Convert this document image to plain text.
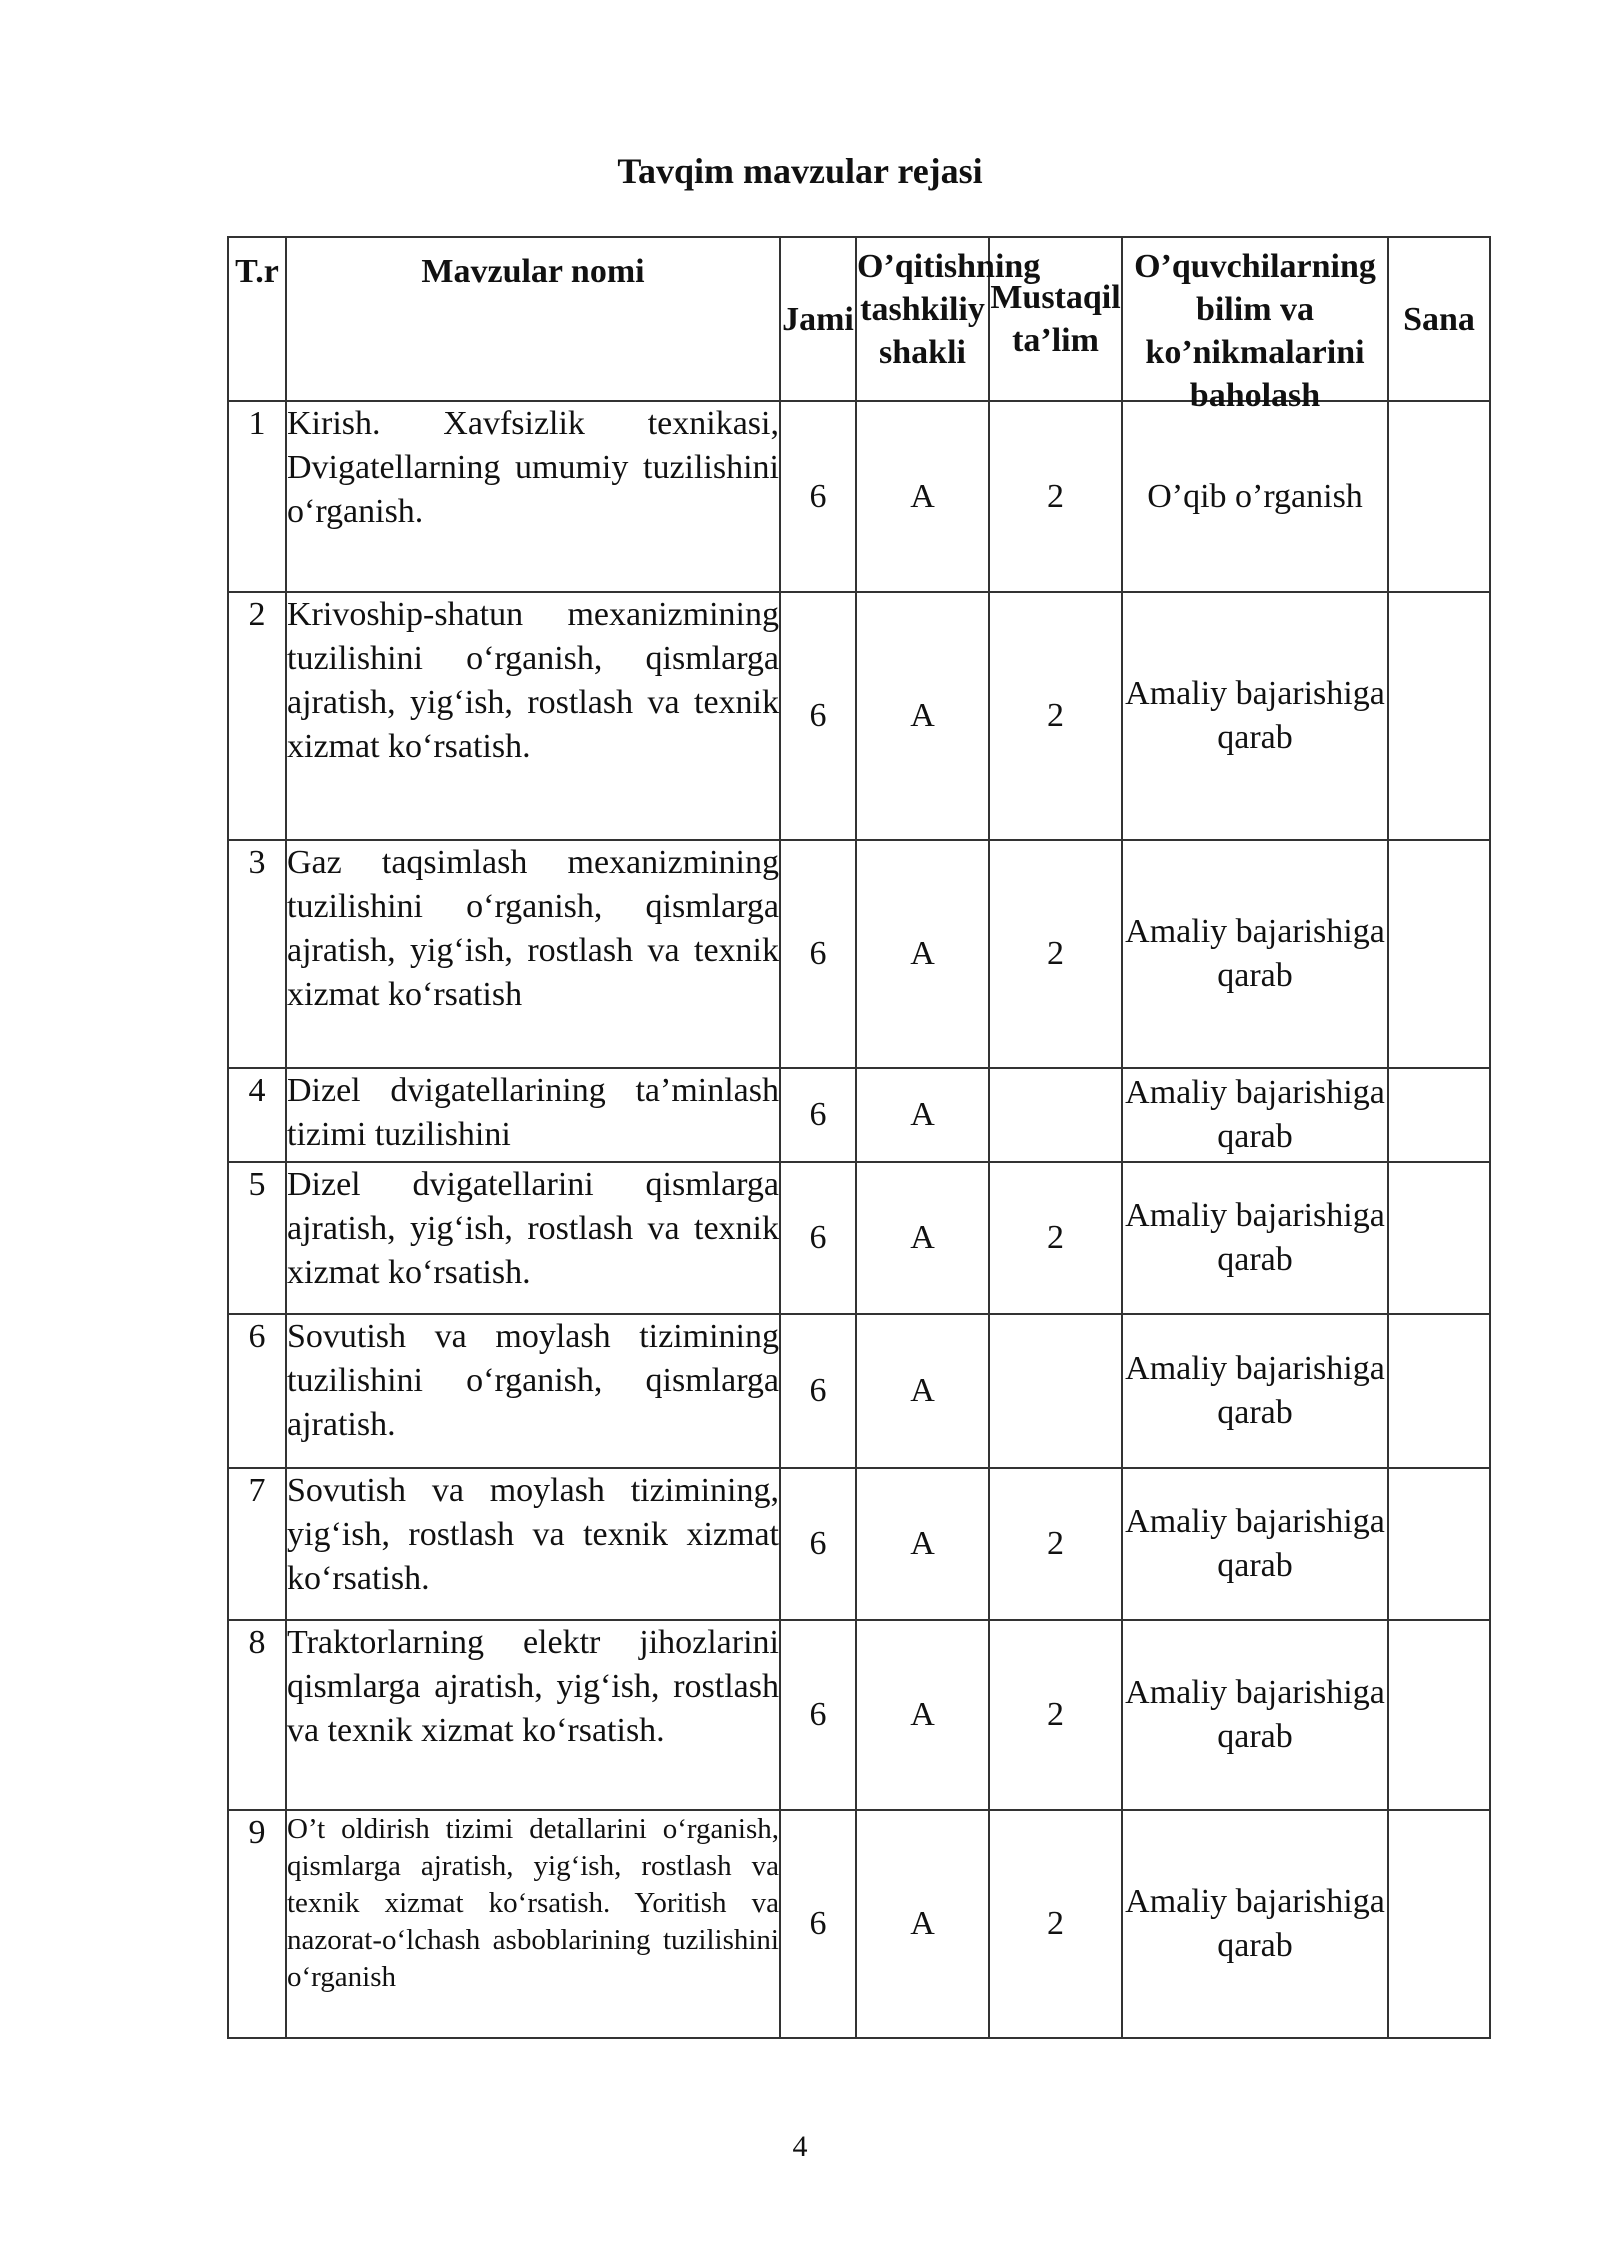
Tavqim mavzular rejasi
T.r	Mavzular nomi	Jami	O’qitishning tashkiliy shakli	Mustaqil ta’lim	O’quvchilarning bilim va ko’nikmalarini baholash	Sana
1	Kirish. Xavfsizlik texnikasi, Dvigatellarning umumiy tuzilishini o‘rganish.	6	A	2	O’qib o’rganish	
2	Krivoship-shatun mexanizmining tuzilishini o‘rganish, qismlarga ajratish, yig‘ish, rostlash va texnik xizmat ko‘rsatish.	6	A	2	Amaliy bajarishiga qarab	
3	Gaz taqsimlash mexanizmining tuzilishini o‘rganish, qismlarga ajratish, yig‘ish, rostlash va texnik xizmat ko‘rsatish	6	A	2	Amaliy bajarishiga qarab	
4	Dizel dvigatellarining ta’minlash tizimi tuzilishini	6	A		Amaliy bajarishiga qarab	
5	Dizel dvigatellarini qismlarga ajratish, yig‘ish, rostlash va texnik xizmat ko‘rsatish.	6	A	2	Amaliy bajarishiga qarab	
6	Sovutish va moylash tizimining tuzilishini o‘rganish, qismlarga ajratish.	6	A		Amaliy bajarishiga qarab	
7	Sovutish va moylash tizimining, yig‘ish, rostlash va texnik xizmat ko‘rsatish.	6	A	2	Amaliy bajarishiga qarab	
8	Traktorlarning elektr jihozlarini qismlarga ajratish, yig‘ish, rostlash va texnik xizmat ko‘rsatish.	6	A	2	Amaliy bajarishiga qarab	
9	O’t oldirish tizimi detallarini o‘rganish, qismlarga ajratish, yig‘ish, rostlash va texnik xizmat ko‘rsatish. Yoritish va nazorat-o‘lchash asboblarining tuzilishini o‘rganish	6	A	2	Amaliy bajarishiga qarab	
4
